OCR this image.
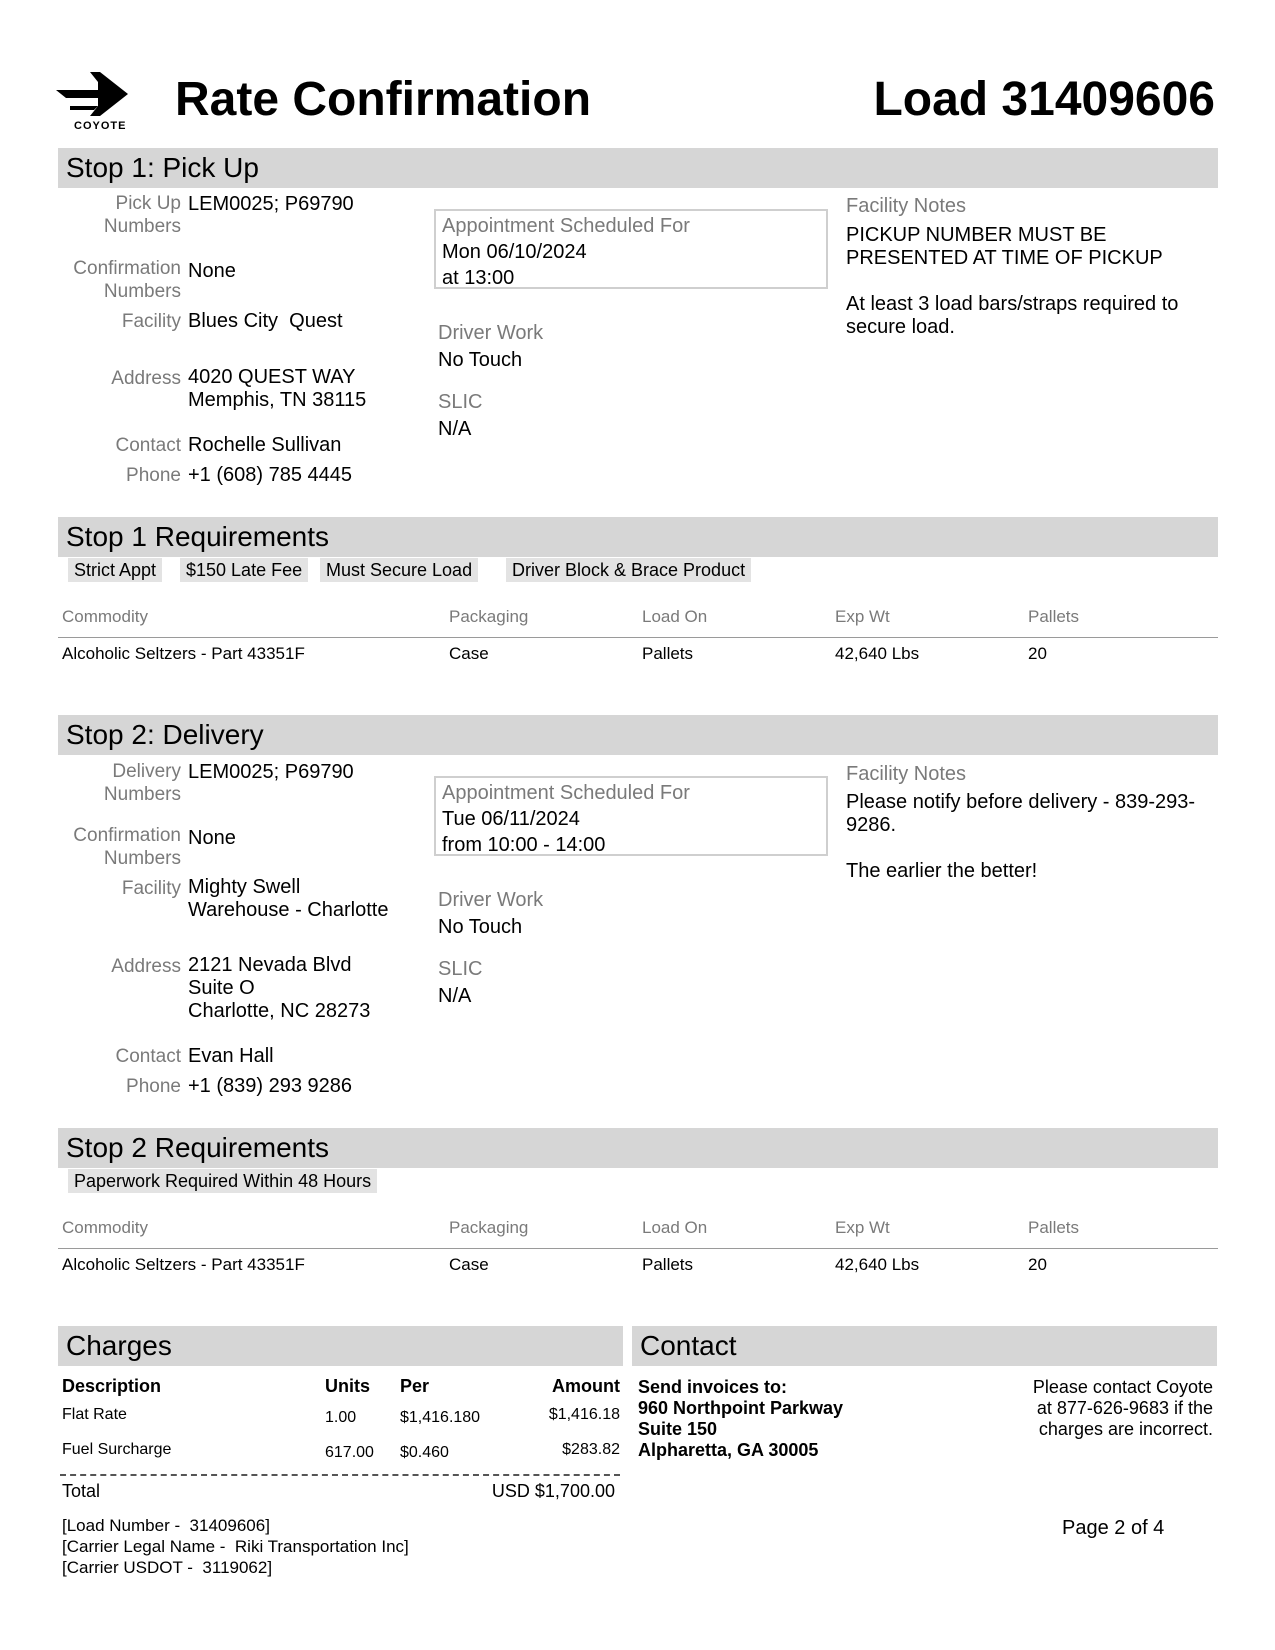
COYOTE Rate Confirmation	Load 31409606
Stop 1: Pick Up
Pick Up
Numbers
LEM0025; P69790
Confirmation
Numbers
None
Facility Blues City  Quest
Address 4020 QUEST WAY
Memphis, TN 38115
Contact Rochelle Sullivan
Phone +1 (608) 785 4445
Appointment Scheduled For
Mon 06/10/2024
at 13:00
Driver Work
No Touch
SLIC
N/A
Facility Notes
PICKUP NUMBER MUST BE
PRESENTED AT TIME OF PICKUP

At least 3 load bars/straps required to
secure load.
Stop 1 Requirements
Strict Appt	$150 Late Fee	Must Secure Load	Driver Block & Brace Product
Commodity	Packaging	Load On	Exp Wt	Pallets
Alcoholic Seltzers - Part 43351F	Case	Pallets	42,640 Lbs	20
Stop 2: Delivery
Delivery
Numbers
LEM0025; P69790
Confirmation
Numbers
None
Facility Mighty Swell
Warehouse - Charlotte
Address 2121 Nevada Blvd
Suite O
Charlotte, NC 28273
Contact Evan Hall
Phone +1 (839) 293 9286
Appointment Scheduled For
Tue 06/11/2024
from 10:00 - 14:00
Driver Work
No Touch
SLIC
N/A
Facility Notes
Please notify before delivery - 839-293-
9286.

The earlier the better!
Stop 2 Requirements
Paperwork Required Within 48 Hours
Commodity	Packaging	Load On	Exp Wt	Pallets
Alcoholic Seltzers - Part 43351F	Case	Pallets	42,640 Lbs	20
Charges
Description	Units Per	Amount
Flat Rate	1.00	$1,416.180	$1,416.18
Fuel Surcharge	617.00 $0.460	$283.82
Total	USD $1,700.00
Contact
Send invoices to:
960 Northpoint Parkway
Suite 150
Alpharetta, GA 30005
Please contact Coyote
at 877-626-9683 if the
charges are incorrect.
[Load Number -  31409606]
[Carrier Legal Name -  Riki Transportation Inc]
[Carrier USDOT -  3119062]
Page 2 of 4
